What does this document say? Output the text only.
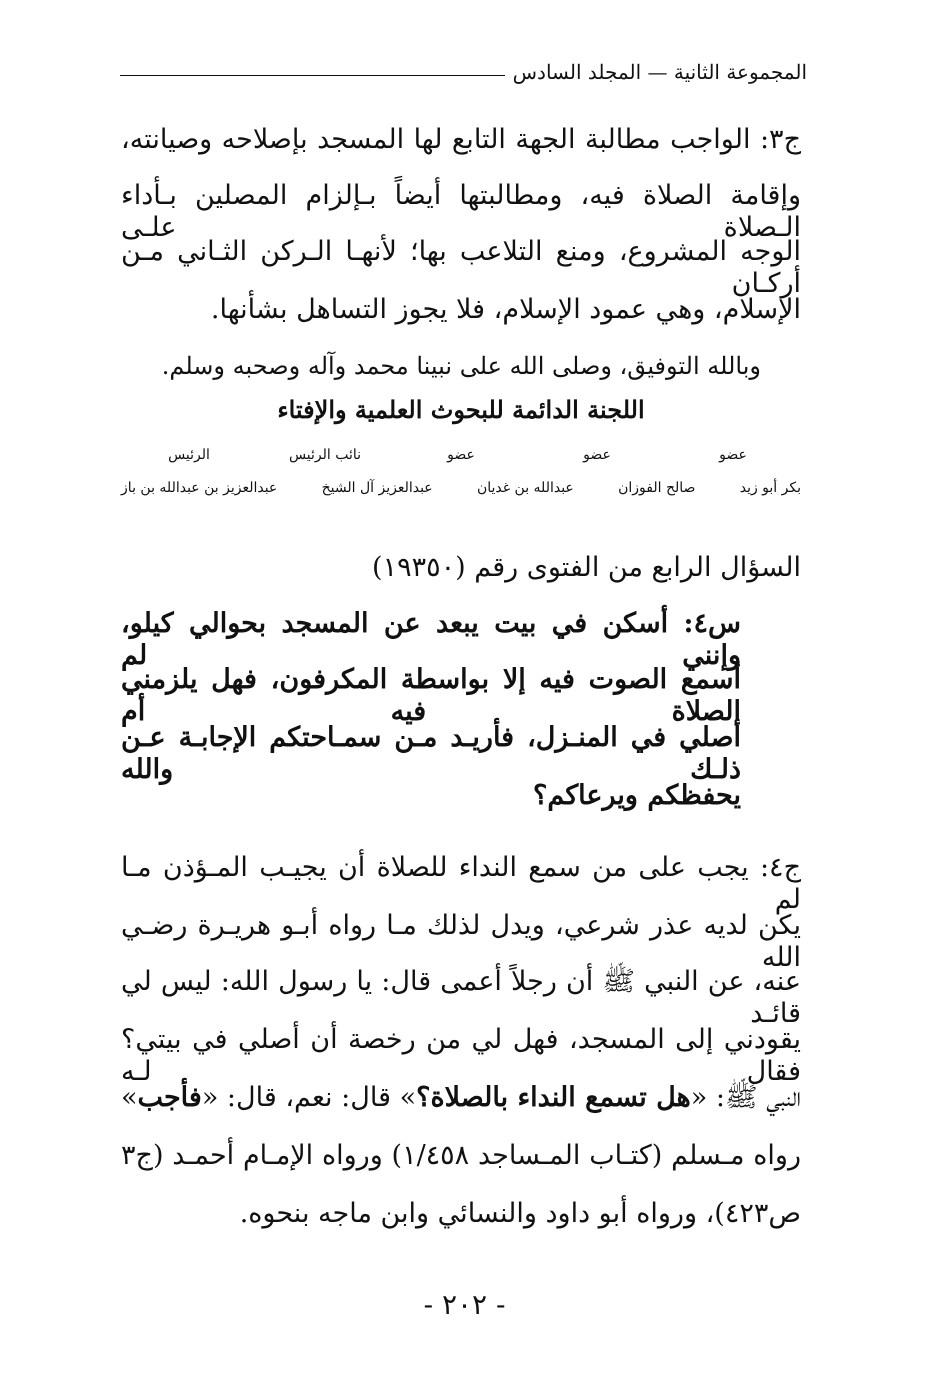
المجموعة الثانية — المجلد السادس
ج٣: الواجب مطالبة الجهة التابع لها المسجد بإصلاحه وصيانته،
وإقامة الصلاة فيه، ومطالبتها أيضاً بـإلزام المصلين بـأداء الـصلاة علـى
الوجه المشروع، ومنع التلاعب بها؛ لأنهـا الـركن الثـاني مـن أركـان
الإسلام، وهي عمود الإسلام، فلا يجوز التساهل بشأنها.
وبالله التوفيق، وصلى الله على نبينا محمد وآله وصحبه وسلم.
اللجنة الدائمة للبحوث العلمية والإفتاء
عضو
عضو
عضو
نائب الرئيس
الرئيس
بكر أبو زيد
صالح الفوزان
عبدالله بن غديان
عبدالعزيز آل الشيخ
عبدالعزيز بن عبدالله بن باز
السؤال الرابع من الفتوى رقم (١٩٣٥٠)
س٤: أسكن في بيت يبعد عن المسجد بحوالي كيلو، وإنني لم
أسمع الصوت فيه إلا بواسطة المكرفون، فهل يلزمني الصلاة فيه أم
أصلي في المنـزل، فأريـد مـن سمـاحتكم الإجابـة عـن ذلـك والله
يحفظكم ويرعاكم؟
ج٤: يجب على من سمع النداء للصلاة أن يجيـب المـؤذن مـا لم
يكن لديه عذر شرعي، ويدل لذلك مـا رواه أبـو هريـرة رضـي الله
عنه، عن النبي ﷺ أن رجلاً أعمى قال: يا رسول الله: ليس لي قائـد
يقودني إلى المسجد، فهل لي من رخصة أن أصلي في بيتي؟ فقال لـه
النبي ﷺ: «هل تسمع النداء بالصلاة؟» قال: نعم، قال: «فأجب»
رواه مـسلم (كتـاب المـساجد ١/٤٥٨) ورواه الإمـام أحمـد (ج٣
ص٤٢٣)، ورواه أبو داود والنسائي وابن ماجه بنحوه.
- ٢٠٢ -
